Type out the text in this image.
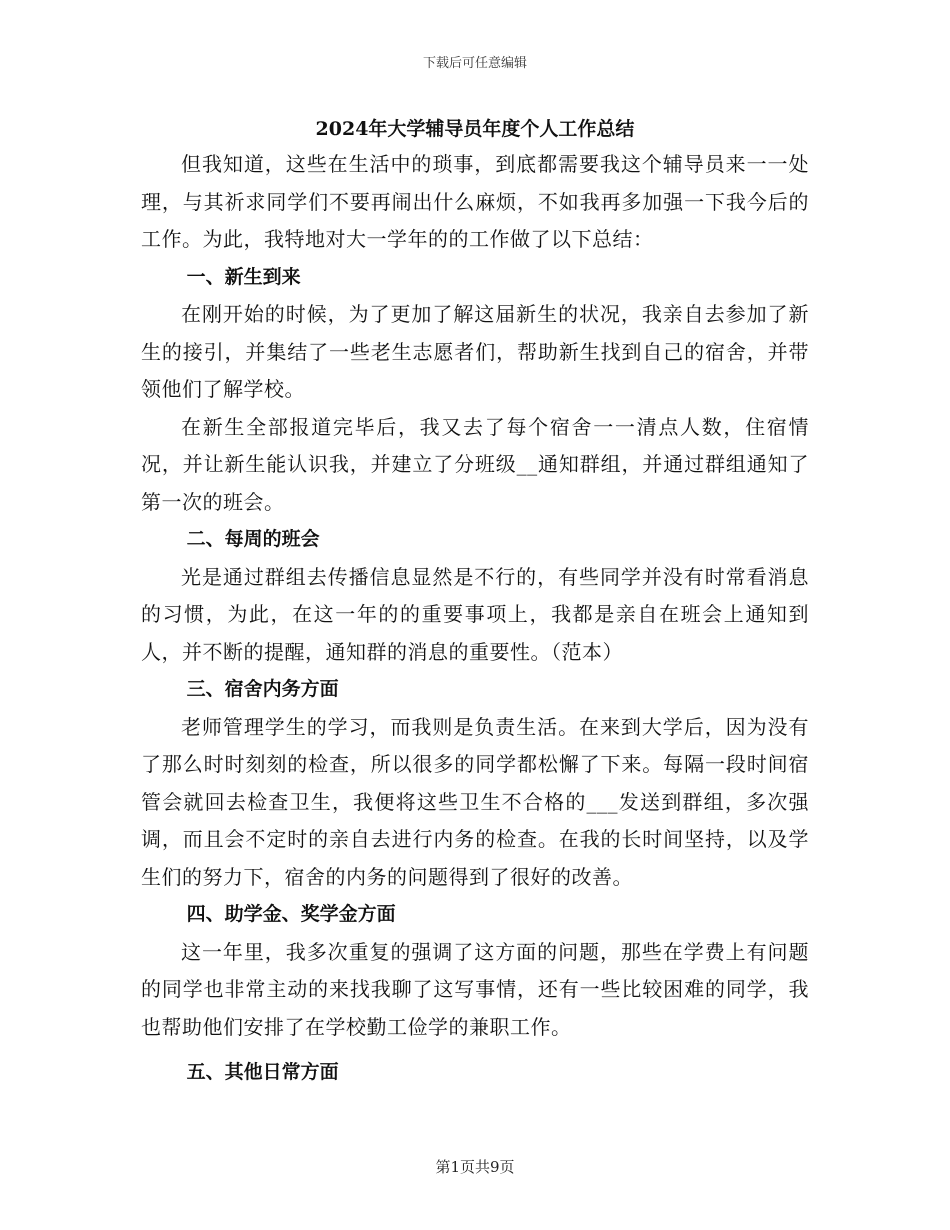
下载后可任意编辑
2024年大学辅导员年度个人工作总结

但我知道，这些在生活中的琐事，到底都需要我这个辅导员来一一处理，与其祈求同学们不要再闹出什么麻烦，不如我再多加强一下我今后的工作。为此，我特地对大一学年的的工作做了以下总结：

一、新生到来

在刚开始的时候，为了更加了解这届新生的状况，我亲自去参加了新生的接引，并集结了一些老生志愿者们，帮助新生找到自己的宿舍，并带领他们了解学校。

在新生全部报道完毕后，我又去了每个宿舍一一清点人数，住宿情况，并让新生能认识我，并建立了分班级__通知群组，并通过群组通知了第一次的班会。

二、每周的班会

光是通过群组去传播信息显然是不行的，有些同学并没有时常看消息的习惯，为此，在这一年的的重要事项上，我都是亲自在班会上通知到人，并不断的提醒，通知群的消息的重要性。（范本）

三、宿舍内务方面

老师管理学生的学习，而我则是负责生活。在来到大学后，因为没有了那么时时刻刻的检查，所以很多的同学都松懈了下来。每隔一段时间宿管会就回去检查卫生，我便将这些卫生不合格的___发送到群组，多次强调，而且会不定时的亲自去进行内务的检查。在我的长时间坚持，以及学生们的努力下，宿舍的内务的问题得到了很好的改善。

四、助学金、奖学金方面

这一年里，我多次重复的强调了这方面的问题，那些在学费上有问题的同学也非常主动的来找我聊了这写事情，还有一些比较困难的同学，我也帮助他们安排了在学校勤工俭学的兼职工作。

五、其他日常方面

第1页共9页
